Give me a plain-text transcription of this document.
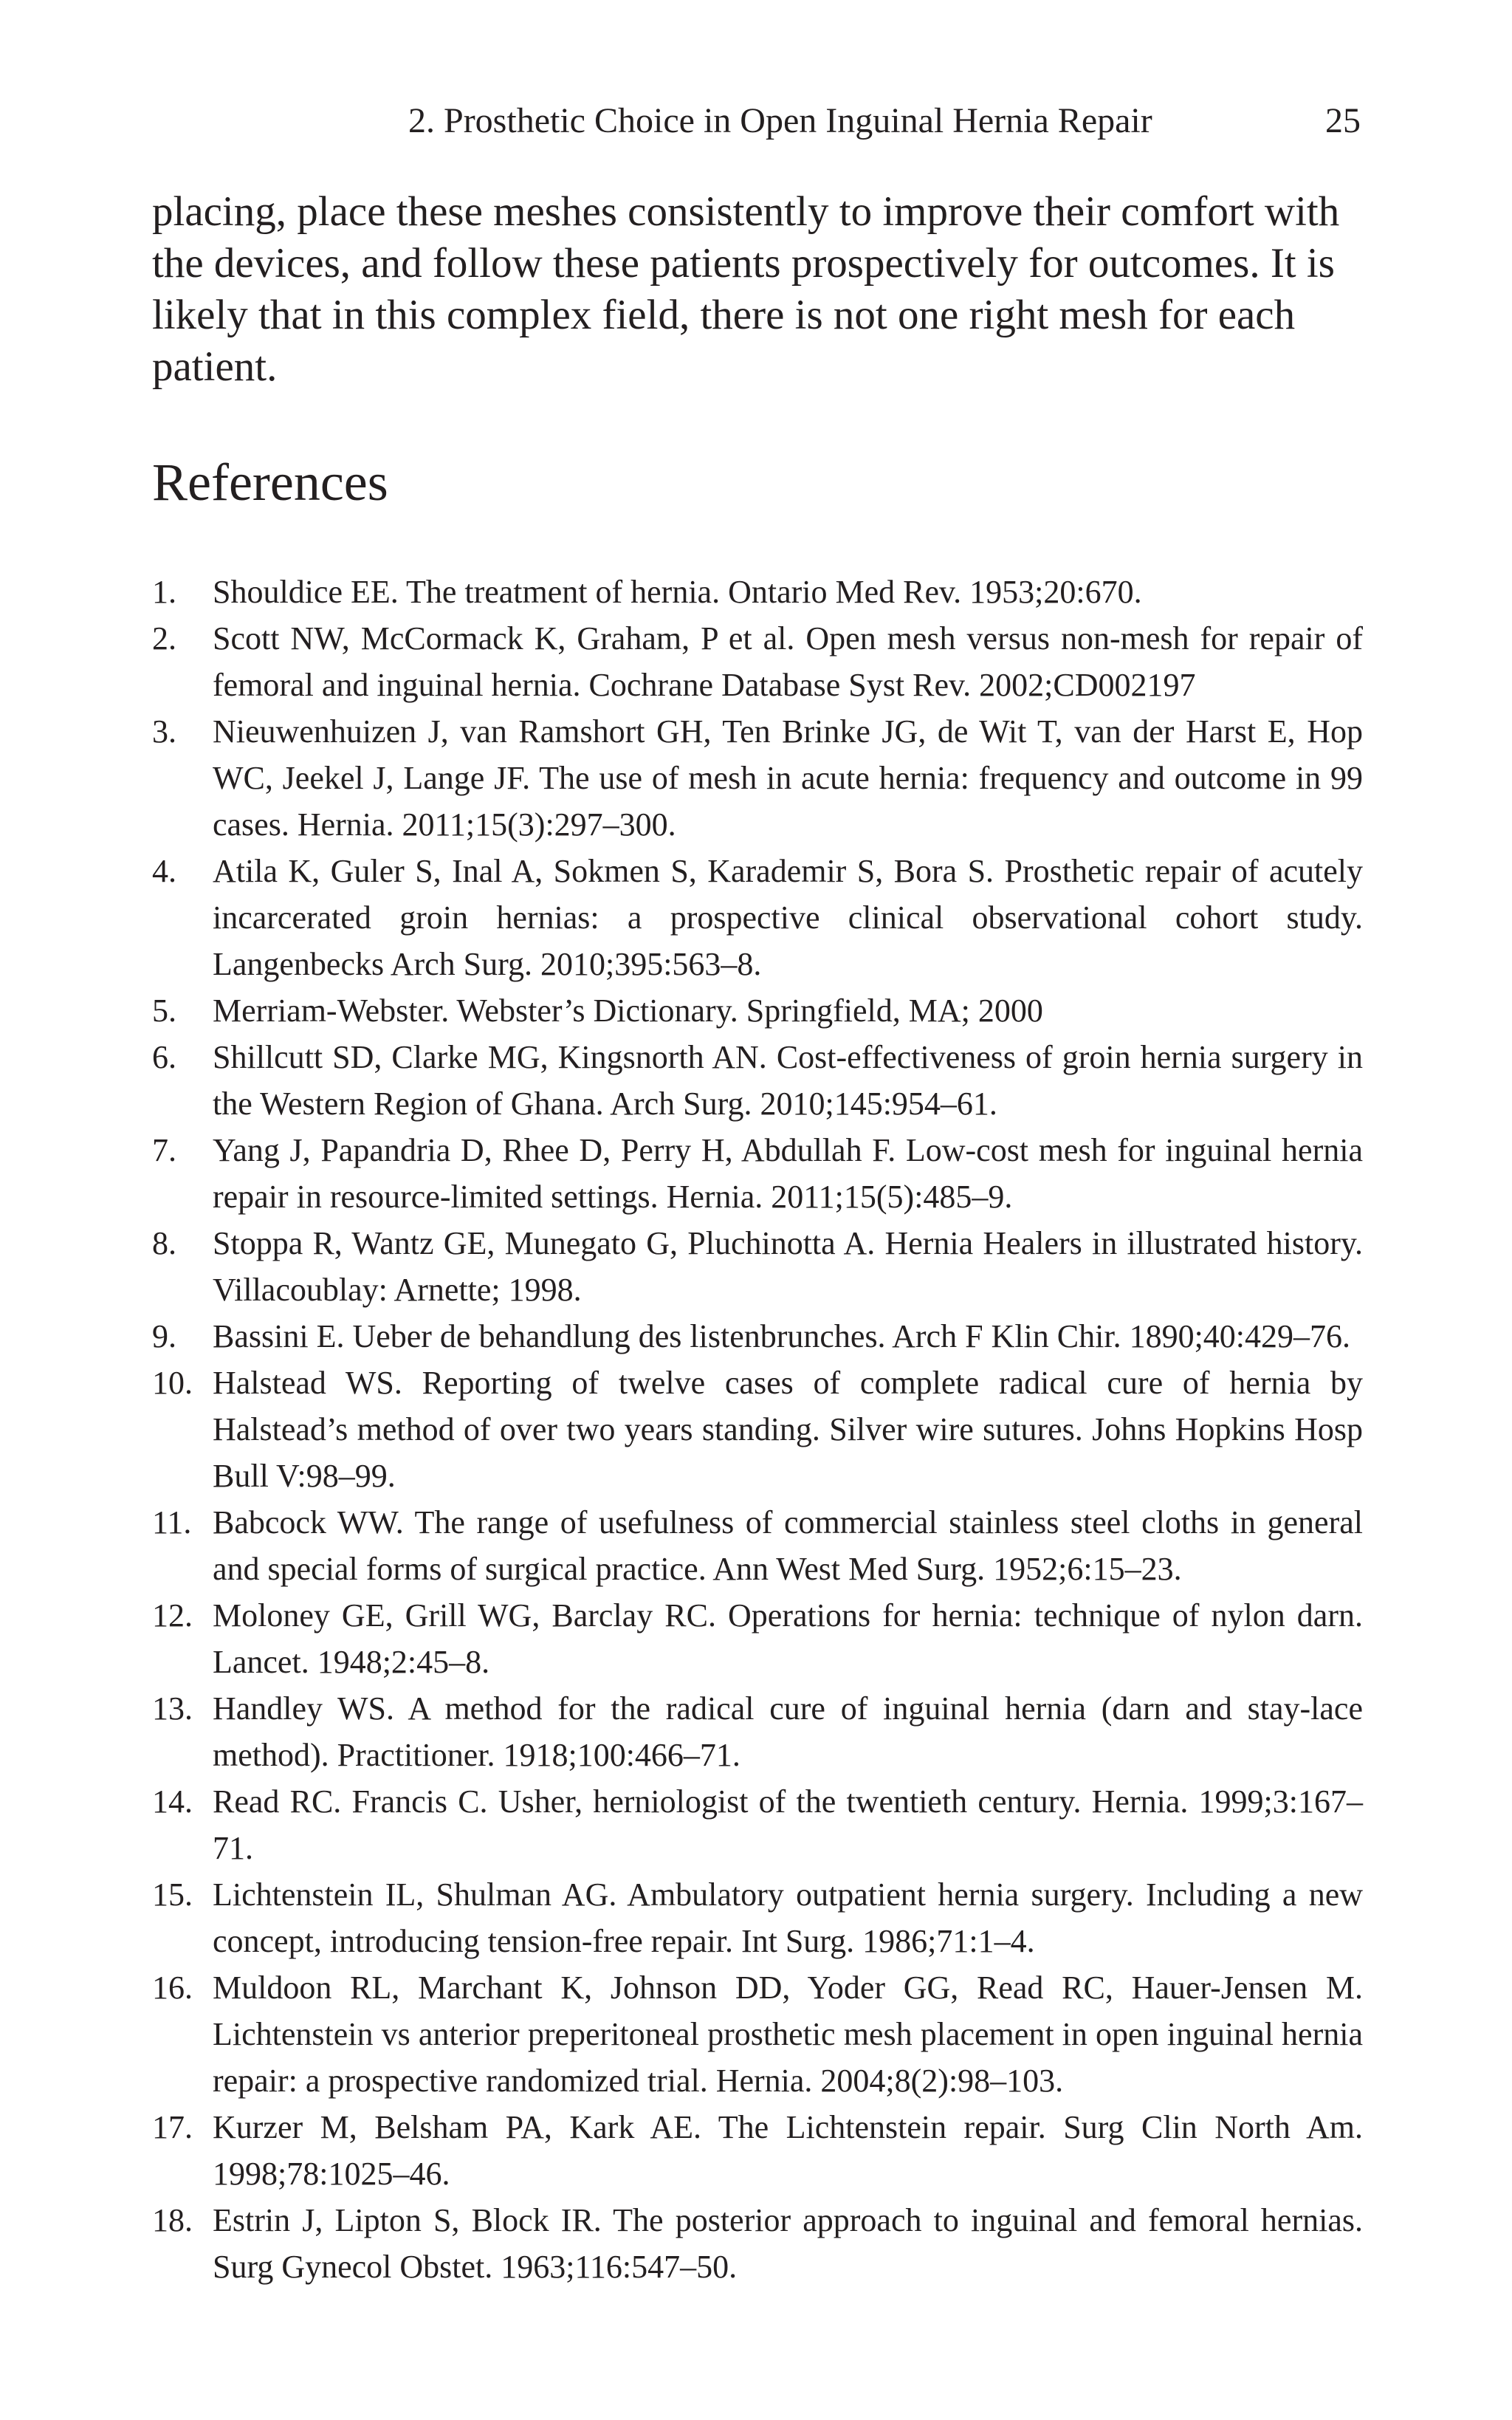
2. Prosthetic Choice in Open Inguinal Hernia Repair	25

placing, place these meshes consistently to improve their comfort with the devices, and follow these patients prospectively for outcomes. It is likely that in this complex field, there is not one right mesh for each patient.

References
1.	Shouldice EE. The treatment of hernia. Ontario Med Rev. 1953;20:670.
2.	Scott NW, McCormack K, Graham, P et al. Open mesh versus non-mesh for repair of femoral and inguinal hernia. Cochrane Database Syst Rev. 2002;CD002197
3.	Nieuwenhuizen J, van Ramshort GH, Ten Brinke JG, de Wit T, van der Harst E, Hop WC, Jeekel J, Lange JF. The use of mesh in acute hernia: frequency and outcome in 99 cases. Hernia. 2011;15(3):297–300.
4.	Atila K, Guler S, Inal A, Sokmen S, Karademir S, Bora S. Prosthetic repair of acutely incarcerated groin hernias: a prospective clinical observational cohort study. Langenbecks Arch Surg. 2010;395:563–8.
5.	Merriam-Webster. Webster’s Dictionary. Springfield, MA; 2000
6.	Shillcutt SD, Clarke MG, Kingsnorth AN. Cost-effectiveness of groin hernia surgery in the Western Region of Ghana. Arch Surg. 2010;145:954–61.
7.	Yang J, Papandria D, Rhee D, Perry H, Abdullah F. Low-cost mesh for inguinal hernia repair in resource-limited settings. Hernia. 2011;15(5):485–9.
8.	Stoppa R, Wantz GE, Munegato G, Pluchinotta A. Hernia Healers in illustrated history. Villacoublay: Arnette; 1998.
9.	Bassini E. Ueber de behandlung des listenbrunches. Arch F Klin Chir. 1890;40:429–76.
10. Halstead WS. Reporting of twelve cases of complete radical cure of hernia by Halstead’s method of over two years standing. Silver wire sutures. Johns Hopkins Hosp Bull V:98–99.
11. Babcock WW. The range of usefulness of commercial stainless steel cloths in general and special forms of surgical practice. Ann West Med Surg. 1952;6:15–23.
12. Moloney GE, Grill WG, Barclay RC. Operations for hernia: technique of nylon darn. Lancet. 1948;2:45–8.
13. Handley WS. A method for the radical cure of inguinal hernia (darn and stay-lace method). Practitioner. 1918;100:466–71.
14. Read RC. Francis C. Usher, herniologist of the twentieth century. Hernia. 1999;3:167–71.
15. Lichtenstein IL, Shulman AG. Ambulatory outpatient hernia surgery. Including a new concept, introducing tension-free repair. Int Surg. 1986;71:1–4.
16. Muldoon RL, Marchant K, Johnson DD, Yoder GG, Read RC, Hauer-Jensen M. Lichtenstein vs anterior preperitoneal prosthetic mesh placement in open inguinal hernia repair: a prospective randomized trial. Hernia. 2004;8(2):98–103.
17. Kurzer M, Belsham PA, Kark AE. The Lichtenstein repair. Surg Clin North Am. 1998;78:1025–46.
18. Estrin J, Lipton S, Block IR. The posterior approach to inguinal and femoral hernias. Surg Gynecol Obstet. 1963;116:547–50.
